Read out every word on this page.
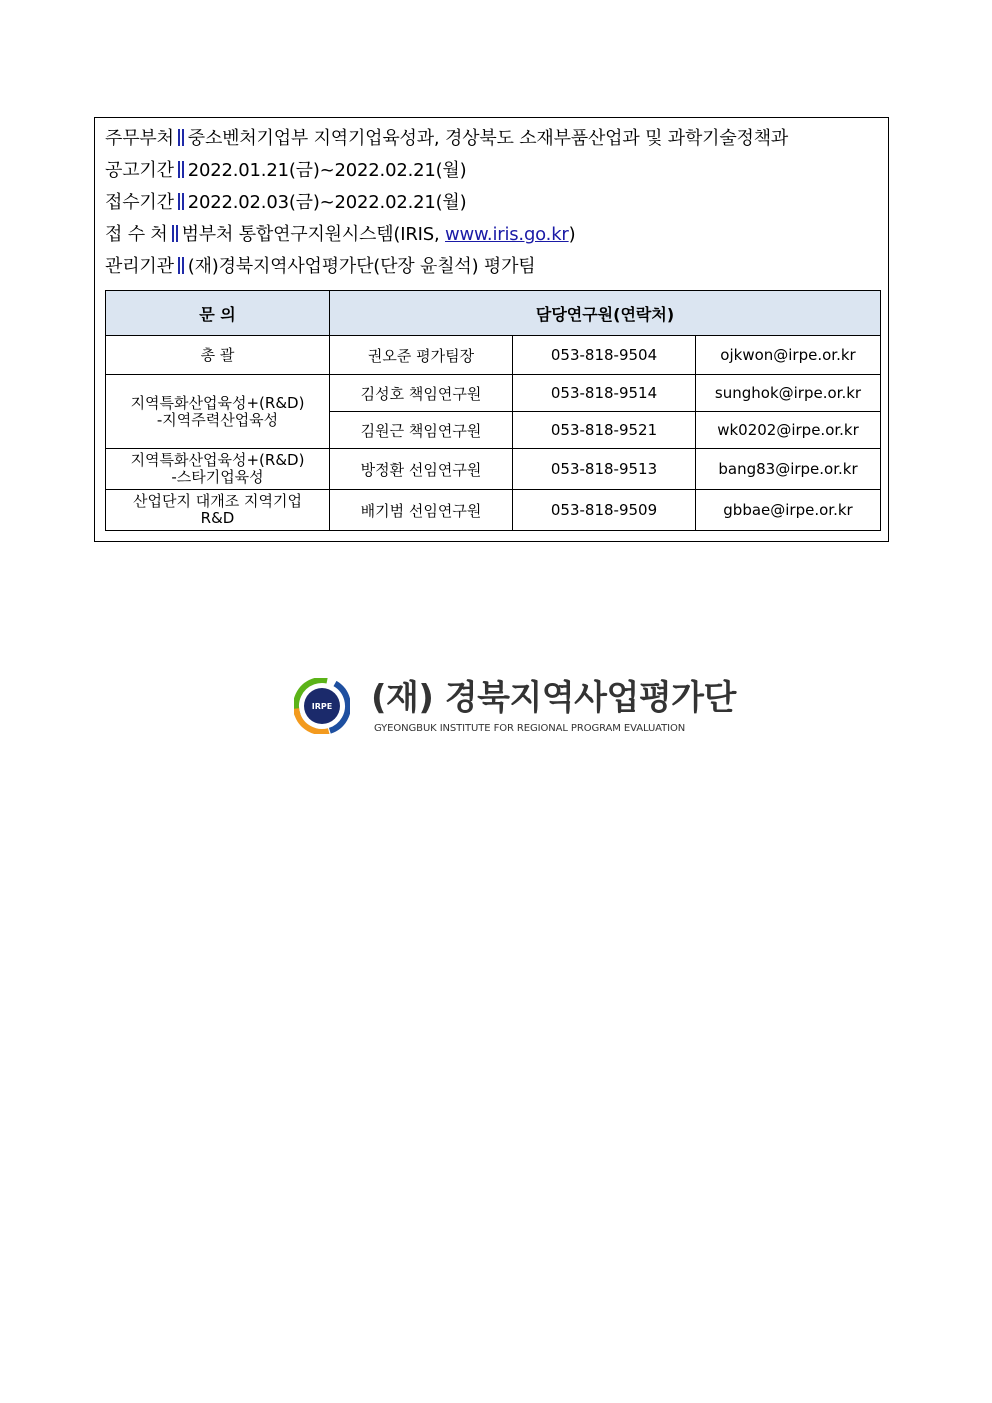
주무부처 중소벤처기업부 지역기업육성과, 경상북도 소재부품산업과 및 과학기술정책과
공고기간 2022.01.21(금)~2022.02.21(월)
접수기간 2022.02.03(금)~2022.02.21(월)
접 수 처 범부처 통합연구지원시스템(IRIS, www.iris.go.kr)
관리기관 (재)경북지역사업평가단(단장 윤칠석) 평가팀
문 의	담당연구원(연락처)		
총 괄	권오준 평가팀장	053-818-9504	ojkwon@irpe.or.kr

지역특화산업육성+(R&D)
-지역주력산업육성	김성호 책임연구원	053-818-9514	sunghok@irpe.or.kr
	김원근 책임연구원	053-818-9521	wk0202@irpe.or.kr

지역특화산업육성+(R&D)
-스타기업육성	방정환 선임연구원	053-818-9513	bang83@irpe.or.kr

산업단지 대개조 지역기업
R&D	배기범 선임연구원	053-818-9509	gbbae@irpe.or.kr
IRPE (재) 경북지역사업평가단
GYEONGBUK INSTITUTE FOR REGIONAL PROGRAM EVALUATION
